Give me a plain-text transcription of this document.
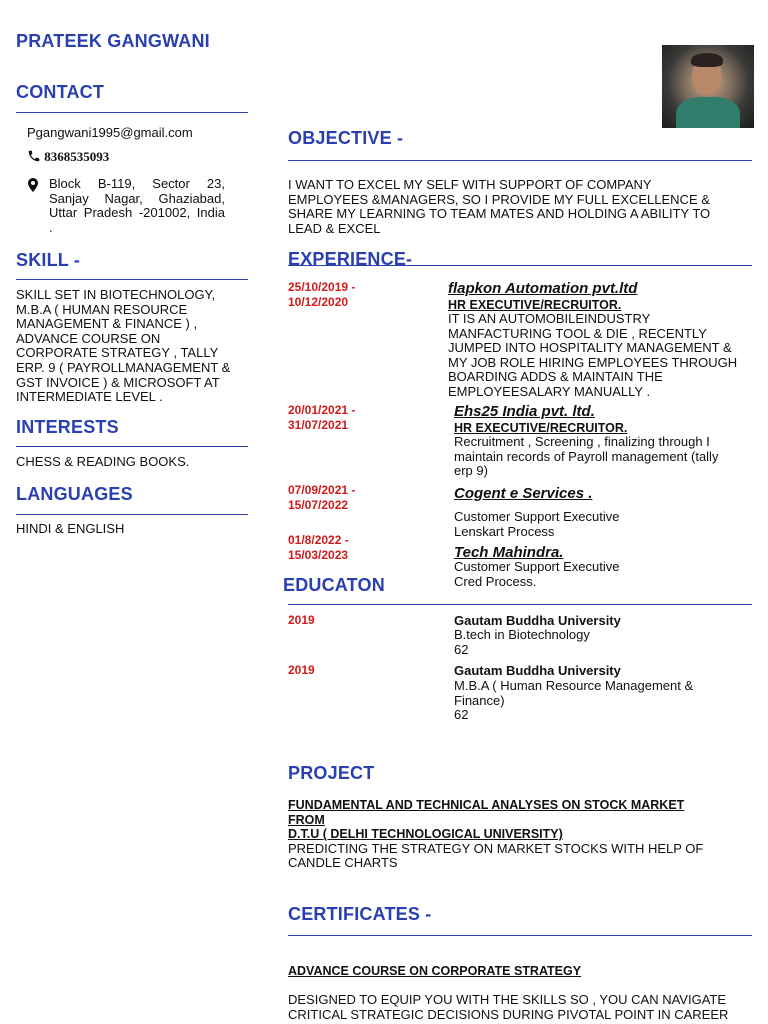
PRATEEK GANGWANI
CONTACT
Pgangwani1995@gmail.com
8368535093
Block B-119, Sector 23,
Sanjay Nagar, Ghaziabad,
Uttar Pradesh -201002, India
.
SKILL -
SKILL SET IN BIOTECHNOLOGY,
M.B.A ( HUMAN RESOURCE
MANAGEMENT & FINANCE ) ,
ADVANCE COURSE ON
CORPORATE STRATEGY , TALLY
ERP. 9 ( PAYROLLMANAGEMENT &
GST INVOICE ) & MICROSOFT AT
INTERMEDIATE LEVEL .
INTERESTS
CHESS & READING BOOKS.
LANGUAGES
HINDI & ENGLISH
OBJECTIVE -
I WANT TO EXCEL MY SELF WITH SUPPORT OF COMPANY
EMPLOYEES &MANAGERS, SO I PROVIDE MY FULL EXCELLENCE &
SHARE MY LEARNING TO TEAM MATES AND HOLDING A ABILITY TO
LEAD & EXCEL
EXPERIENCE-
25/10/2019 -
10/12/2020
flapkon Automation pvt.ltd
HR EXECUTIVE/RECRUITOR.
IT IS AN AUTOMOBILEINDUSTRY
MANFACTURING TOOL & DIE , RECENTLY
JUMPED INTO HOSPITALITY MANAGEMENT &
MY JOB ROLE HIRING EMPLOYEES THROUGH
BOARDING ADDS & MAINTAIN THE
EMPLOYEESALARY MANUALLY .
20/01/2021 -
31/07/2021
Ehs25 India pvt. ltd.
HR EXECUTIVE/RECRUITOR.
Recruitment , Screening , finalizing through I
maintain records of Payroll management (tally
erp 9)
07/09/2021 -
15/07/2022
Cogent e Services .
Customer Support Executive
Lenskart Process
01/8/2022 -
15/03/2023	Tech Mahindra.
Customer Support Executive
Cred Process.
EDUCATON
2019	Gautam Buddha University
B.tech in Biotechnology
62
2019	Gautam Buddha University
M.B.A ( Human Resource Management &
Finance)
62
PROJECT
FUNDAMENTAL AND TECHNICAL ANALYSES ON STOCK MARKET
FROM
D.T.U ( DELHI TECHNOLOGICAL UNIVERSITY)
PREDICTING THE STRATEGY ON MARKET STOCKS WITH HELP OF
CANDLE CHARTS
CERTIFICATES -
ADVANCE COURSE ON CORPORATE STRATEGY
DESIGNED TO EQUIP YOU WITH THE SKILLS SO , YOU CAN NAVIGATE
CRITICAL STRATEGIC DECISIONS DURING PIVOTAL POINT IN CAREER
